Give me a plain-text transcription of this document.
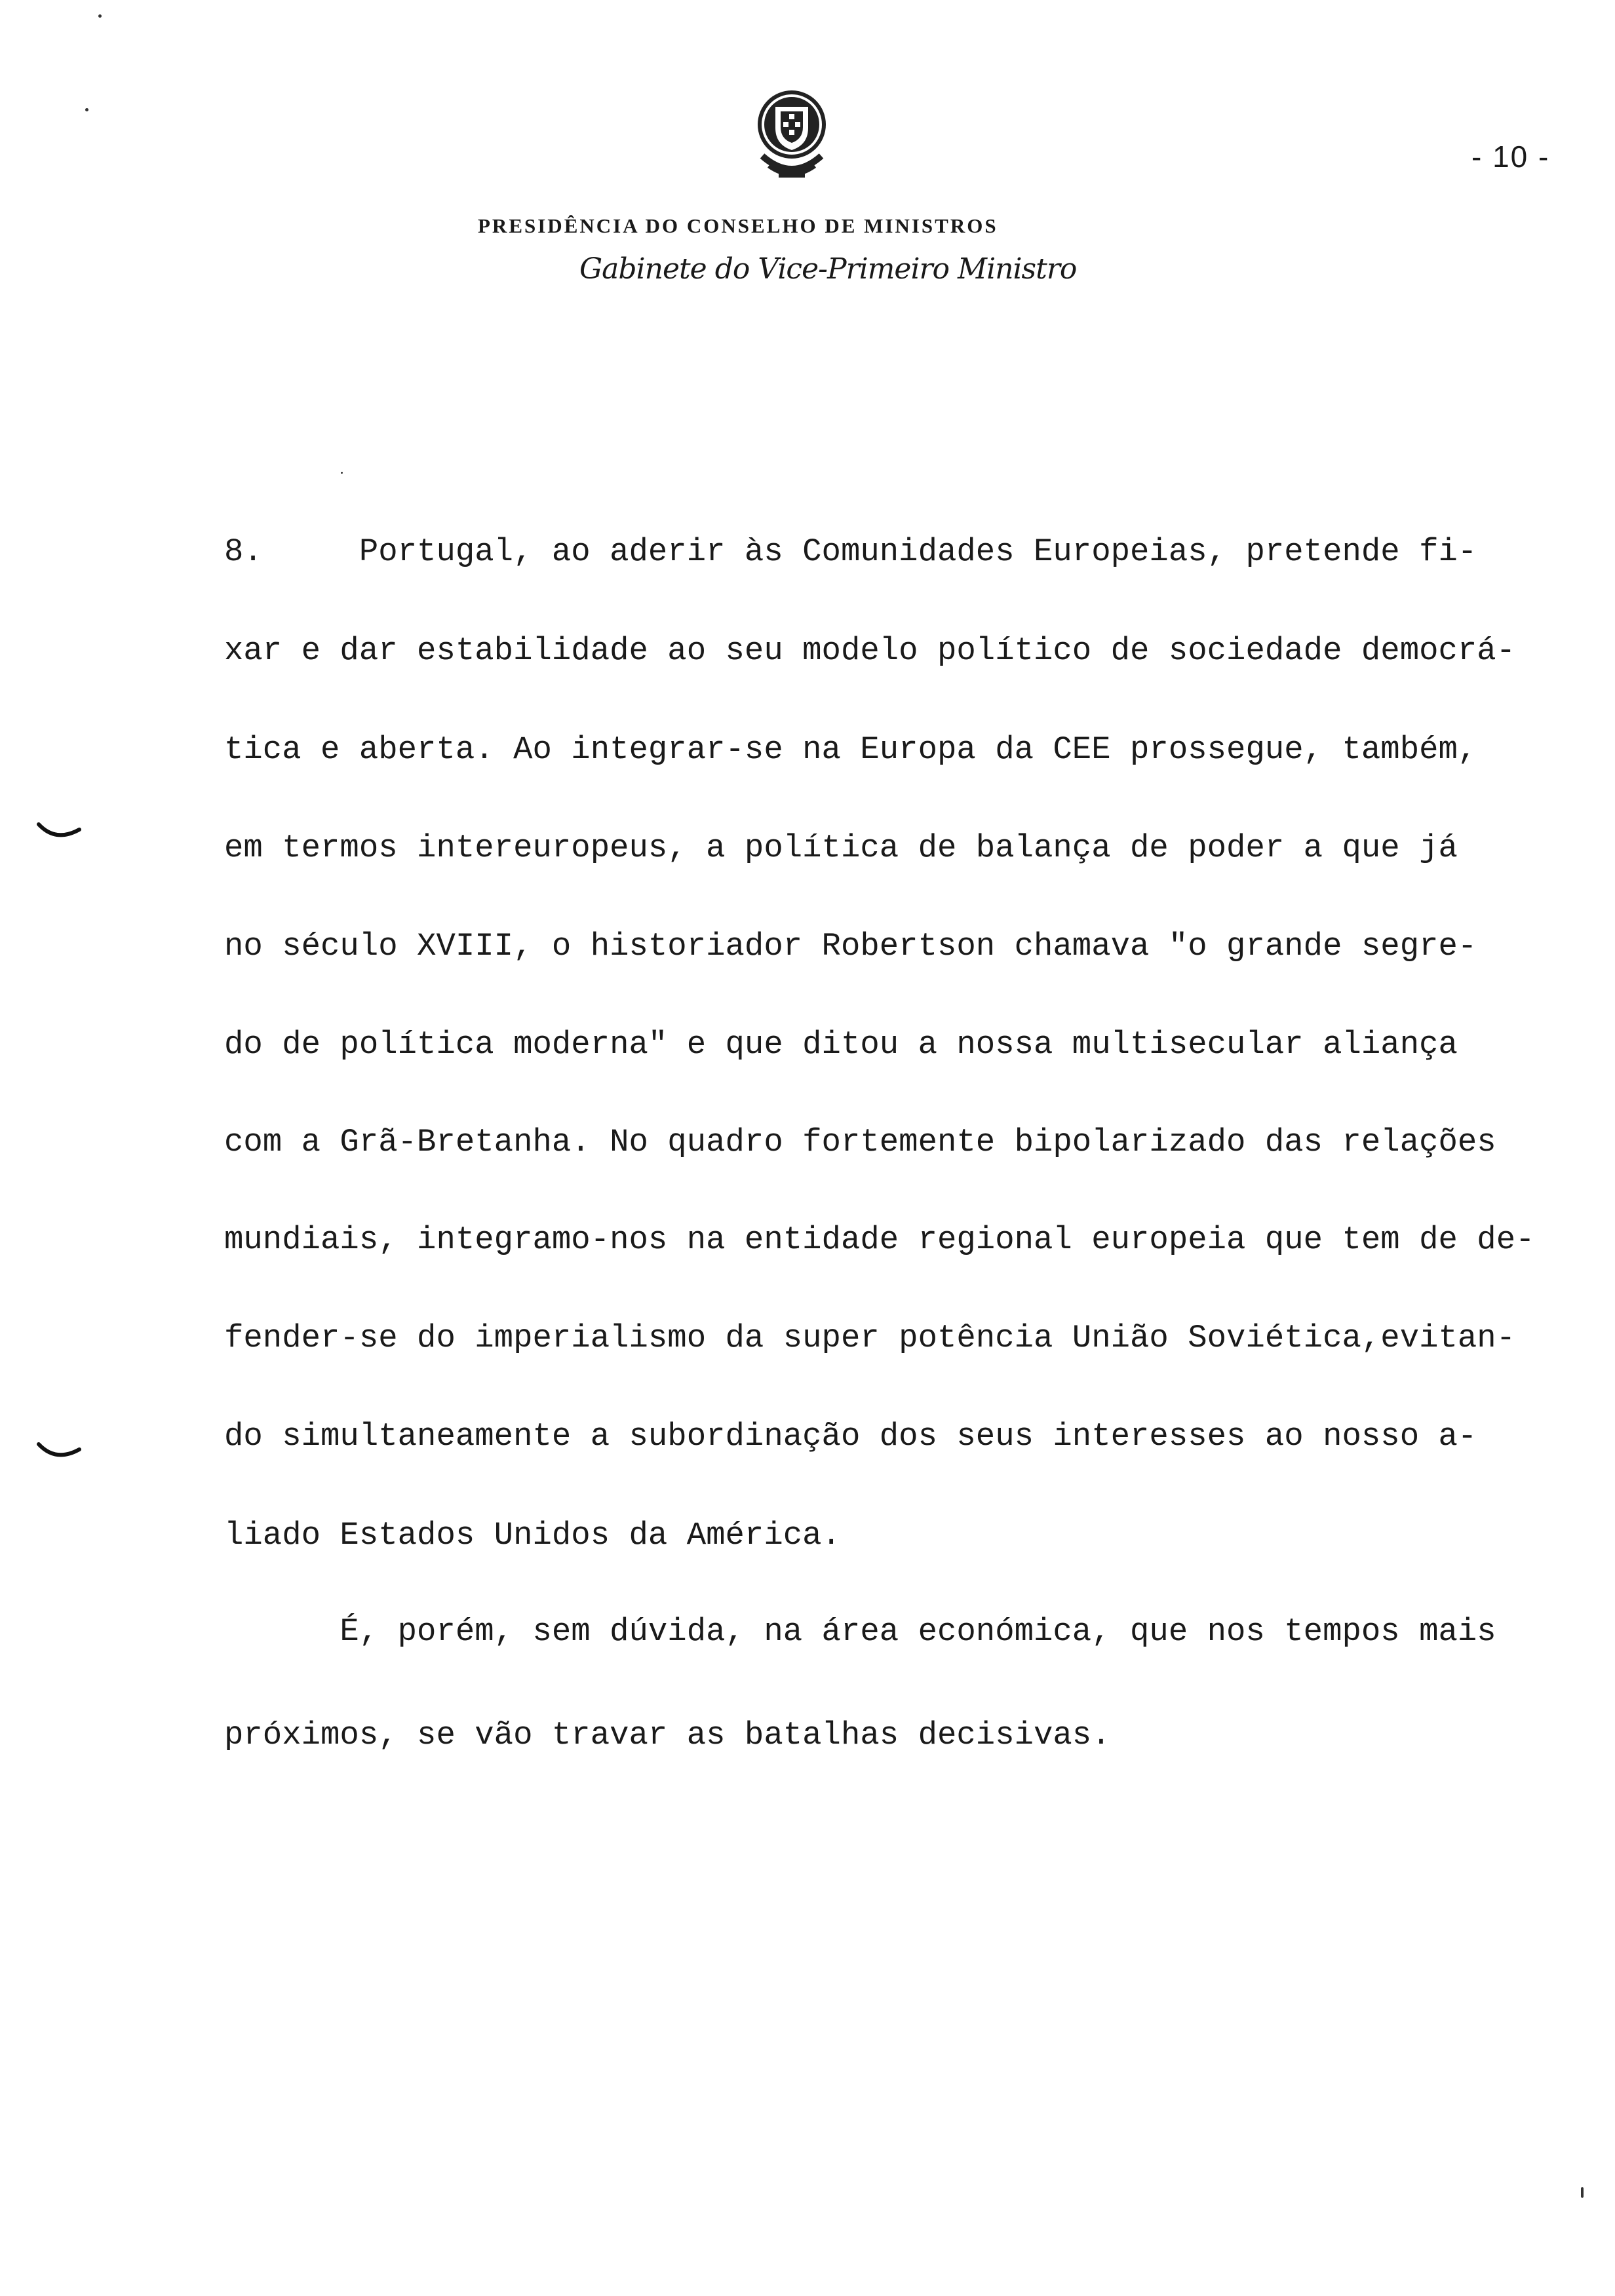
- 10 -
PRESIDÊNCIA DO CONSELHO DE MINISTROS
Gabinete do Vice-Primeiro Ministro
8.     Portugal, ao aderir às Comunidades Europeias, pretende fi-
xar e dar estabilidade ao seu modelo político de sociedade democrá-
tica e aberta. Ao integrar-se na Europa da CEE prossegue, também,
em termos intereuropeus, a política de balança de poder a que já
no século XVIII, o historiador Robertson chamava "o grande segre-
do de política moderna" e que ditou a nossa multisecular aliança
com a Grã-Bretanha. No quadro fortemente bipolarizado das relações
mundiais, integramo-nos na entidade regional europeia que tem de de-
fender-se do imperialismo da super potência União Soviética,evitan-
do simultaneamente a subordinação dos seus interesses ao nosso a-
liado Estados Unidos da América.
É, porém, sem dúvida, na área económica, que nos tempos mais
próximos, se vão travar as batalhas decisivas.
